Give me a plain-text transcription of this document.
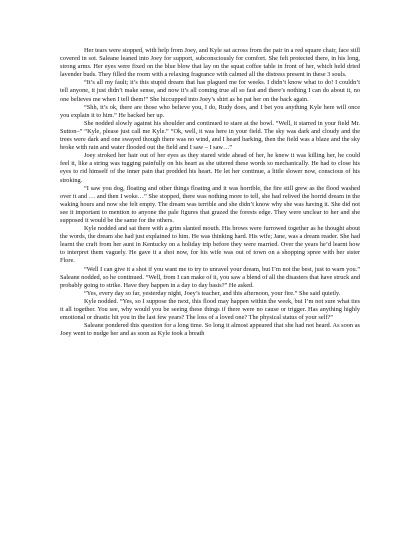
Her tears were stopped, with help from Joey, and Kyle sat across from the pair in a red square chair, face still covered in sot. Saleane leaned into Joey for support, subconsciously for comfort. She felt protected there, in his long, strong arms. Her eyes were fixed on the blue blow that lay on the squat coffee table in front of her, which held dried lavender buds. They filled the room with a relaxing fragrance with calmed all the distress present in these 3 souls.

“It’s all my fault; it’s this stupid dream that has plagued me for weeks. I didn’t know what to do! I couldn’t tell anyone, it just didn’t make sense, and now it’s all coming true all so fast and there’s nothing I can do about it, no one believes me when I tell them!” She hiccupped into Joey’s shirt as he pat her on the back again.

“Shh, it’s ok, there are those who believe you, I do, Rudy does, and I bet you anything Kyle here will once you explain it to him.” He backed her up.

She nodded slowly against his shoulder and continued to stare at the bowl. “Well, it starred in your field Mr. Sutton–” “Kyle, please just call me Kyle.” “Ok, well, it was here in your field. The sky was dark and cloudy and the trees were dark and one swayed though there was no wind, and I heard barking, then the field was a blaze and the sky broke with rain and water flooded out the field and I saw – I saw…”

Joey stroked her hair out of her eyes as they stared wide ahead of her, he knew it was killing her, he could feel it, like a string was tugging painfully on his heart as she uttered these words so mechanically. He had to close his eyes to rid himself of the inner pain that prodded his heart. He let her continue, a little slower now, conscious of his stroking.

“I saw you dog, floating and other things floating and it was horrible, the fire still grew as the flood washed over it and … and then I woke…” She stopped, there was nothing more to tell, she had relived the horrid dream in the waking hours and now she felt empty. The dream was terrible and she didn’t know why she was having it. She did not see it important to mention to anyone the pale figures that grazed the forests edge. They were unclear to her and she supposed it would be the same for the others.

Kyle nodded and sat there with a grim slanted mouth. His brows were furrowed together as he thought about the words, the dream she had just explained to him. He was thinking hard. His wife; Jane, was a dream reader. She had learnt the craft from her aunt in Kentucky on a holiday trip before they were married. Over the years he’d learnt how to interpret them vaguely. He gave it a shot now, for his wife was out of town on a shopping spree with her sister Flore.

“Well I can give it a shot if you want me to try to unravel your dream, but I’m not the best, just to warn you.” Saleane nodded, so he continued. “Well, from I can make of it, you saw a blend of all the disasters that have struck and probably going to strike. Have they happen in a day to day basis?” He asked.

“Yes, every day so far, yesterday night, Joey’s teacher, and this afternoon, your fire.” She said quietly.

Kyle nodded. “Yes, so I suppose the next, this flood may happen within the week, but I’m not sure what ties it all together. You see, why would you be seeing these things if there were no cause or trigger. Has anything highly emotional or drastic hit you in the last few years? The loss of a loved one? The physical status of your self?”

Saleane pondered this question for a long time. So long it almost appeared that she had not heard. As soon as Joey went to nudge her and as soon as Kyle took a breath
